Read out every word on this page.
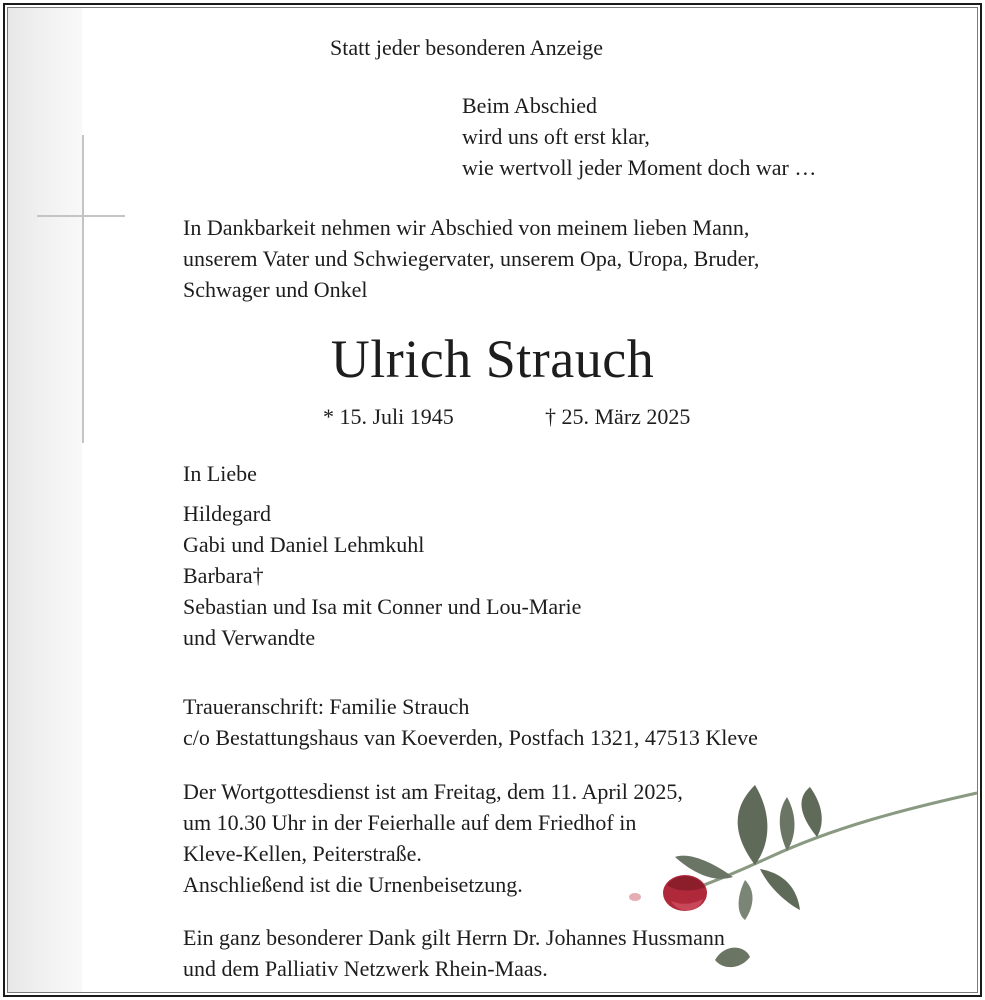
Statt jeder besonderen Anzeige
Beim Abschied
wird uns oft erst klar,
wie wertvoll jeder Moment doch war …
In Dankbarkeit nehmen wir Abschied von meinem lieben Mann,
unserem Vater und Schwiegervater, unserem Opa, Uropa, Bruder,
Schwager und Onkel
Ulrich Strauch
* 15. Juli 1945	† 25. März 2025
In Liebe
Hildegard
Gabi und Daniel Lehmkuhl
Barbara†
Sebastian und Isa mit Conner und Lou-Marie
und Verwandte
Traueranschrift: Familie Strauch
c/o Bestattungshaus van Koeverden, Postfach 1321, 47513 Kleve
Der Wortgottesdienst ist am Freitag, dem 11. April 2025,
um 10.30 Uhr in der Feierhalle auf dem Friedhof in
Kleve-Kellen, Peiterstraße.
Anschließend ist die Urnenbeisetzung.
Ein ganz besonderer Dank gilt Herrn Dr. Johannes Hussmann
und dem Palliativ Netzwerk Rhein-Maas.
